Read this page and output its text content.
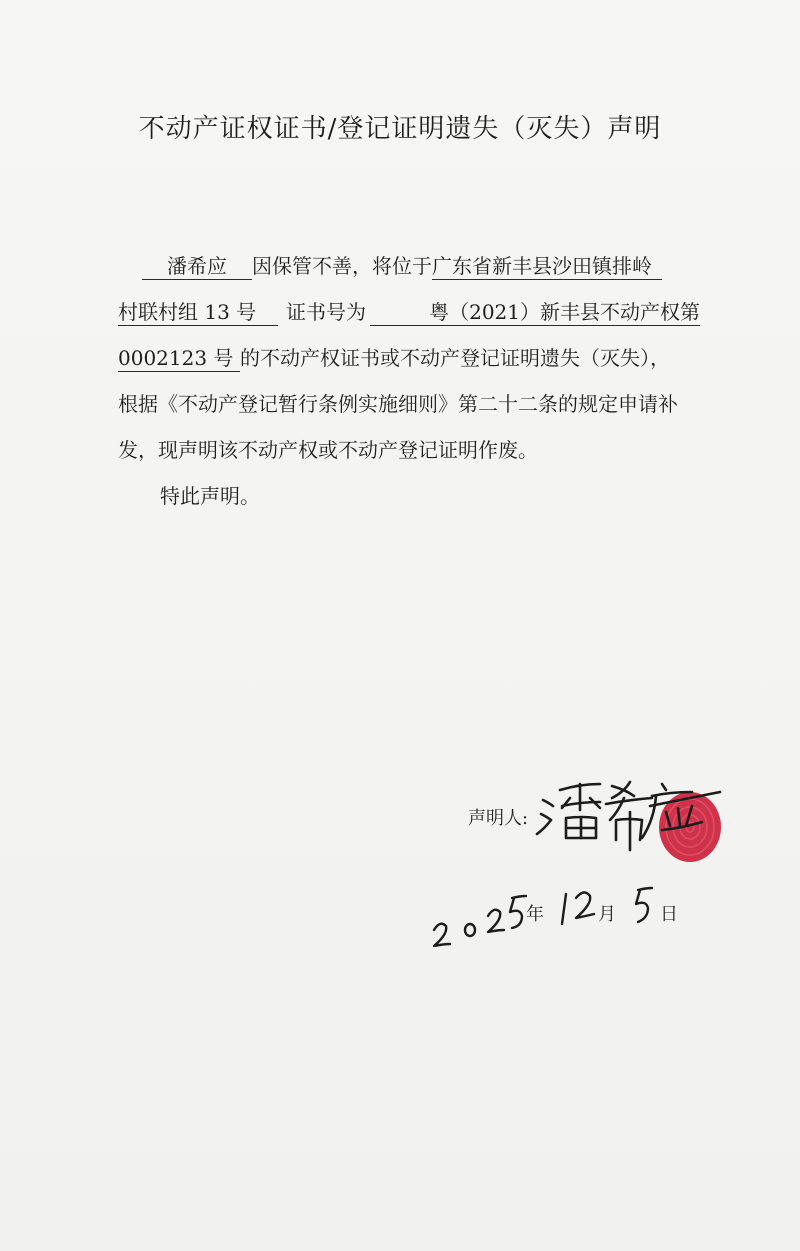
不动产证权证书/登记证明遗失（灭失）声明
潘希应 因保管不善，将位于广东省新丰县沙田镇排岭
村联村组 13 号 证书号为	粤（2021）新丰县不动产权第
0002123 号 的不动产权证书或不动产登记证明遗失（灭失），
根据《不动产登记暂行条例实施细则》第二十二条的规定申请补
发，现声明该不动产权或不动产登记证明作废。
特此声明。
声明人:
年	月 日
